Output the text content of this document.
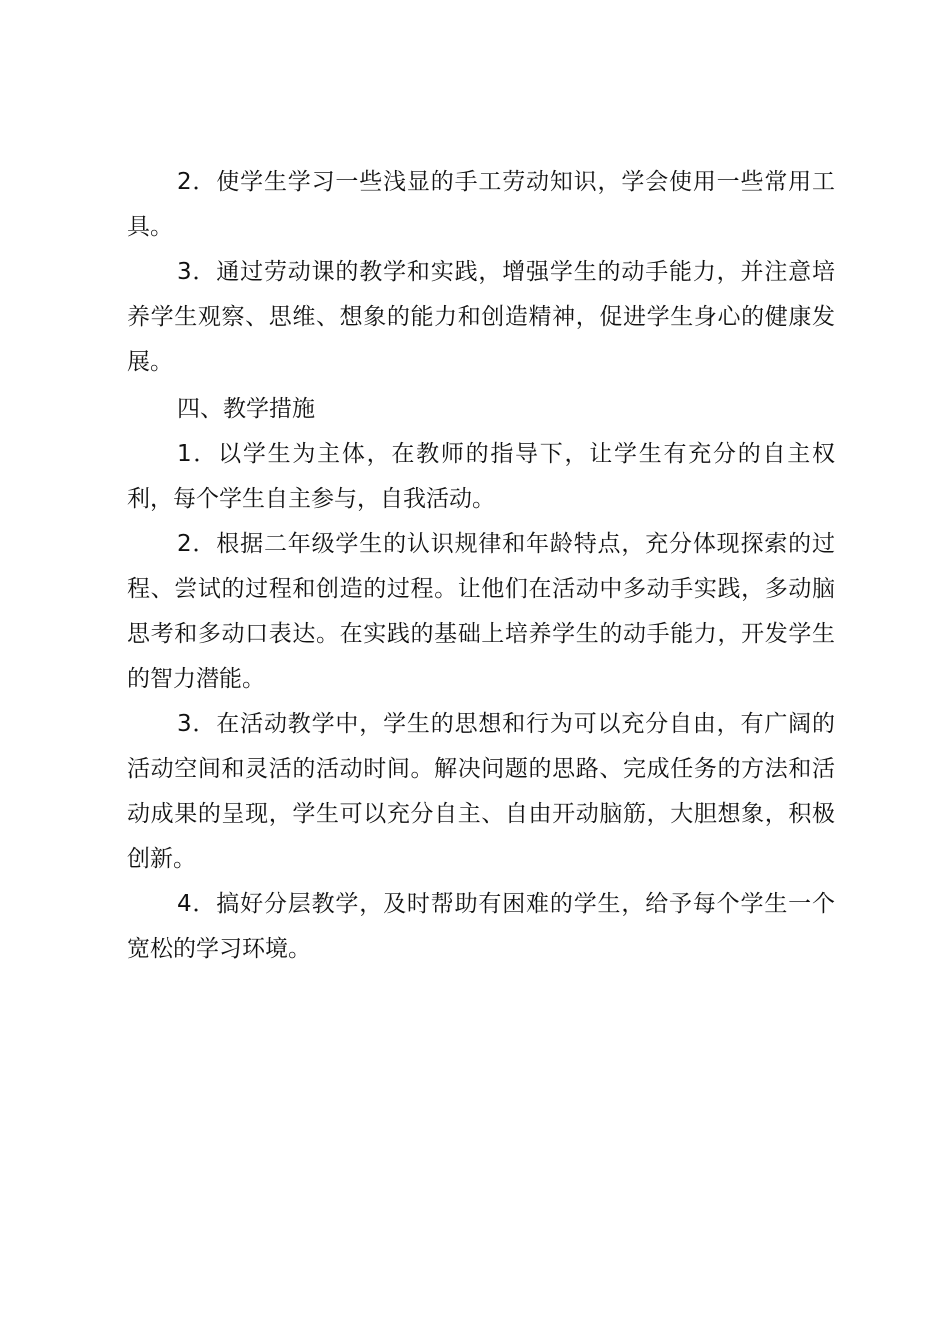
2．使学生学习一些浅显的手工劳动知识，学会使用一些常用工具。

3．通过劳动课的教学和实践，增强学生的动手能力，并注意培养学生观察、思维、想象的能力和创造精神，促进学生身心的健康发展。

四、教学措施

1．以学生为主体，在教师的指导下，让学生有充分的自主权利，每个学生自主参与，自我活动。

2．根据二年级学生的认识规律和年龄特点，充分体现探索的过程、尝试的过程和创造的过程。让他们在活动中多动手实践，多动脑思考和多动口表达。在实践的基础上培养学生的动手能力，开发学生的智力潜能。

3．在活动教学中，学生的思想和行为可以充分自由，有广阔的活动空间和灵活的活动时间。解决问题的思路、完成任务的方法和活动成果的呈现，学生可以充分自主、自由开动脑筋，大胆想象，积极创新。

4．搞好分层教学，及时帮助有困难的学生，给予每个学生一个宽松的学习环境。
